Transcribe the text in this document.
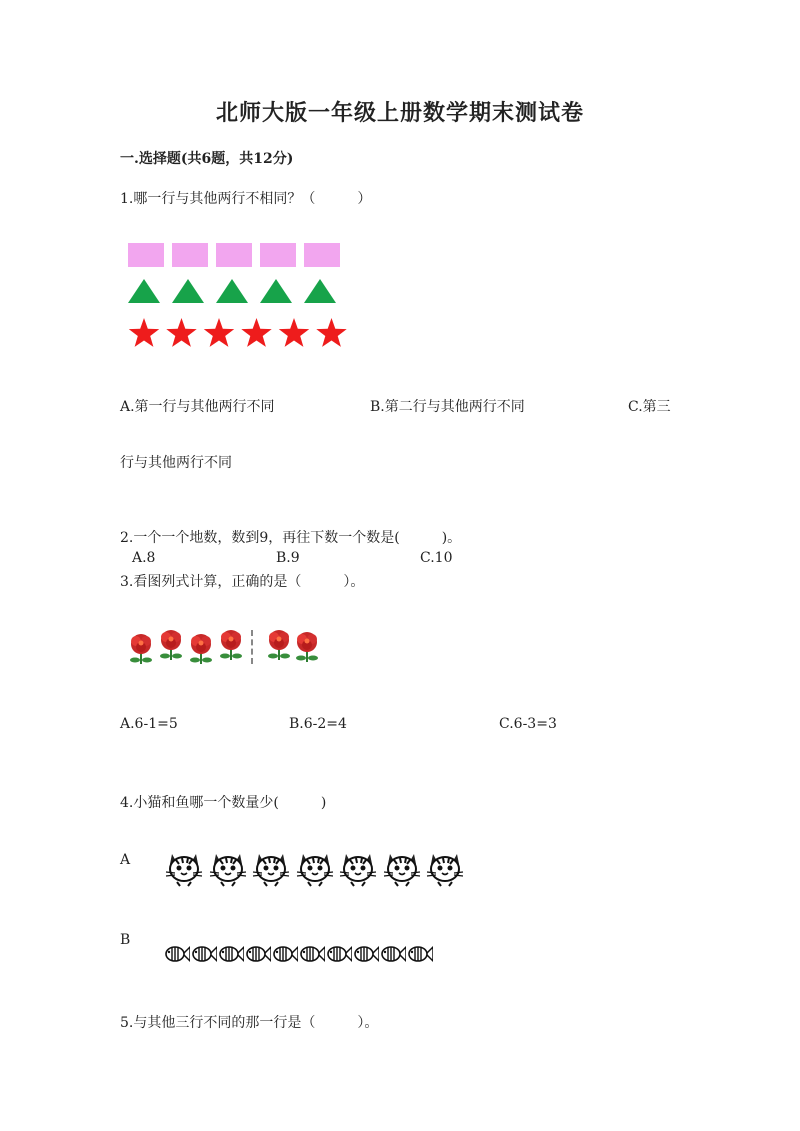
北师大版一年级上册数学期末测试卷
一.选择题(共6题，共12分)
1.哪一行与其他两行不相同？（　　　）
A.第一行与其他两行不同	B.第二行与其他两行不同	C.第三
行与其他两行不同
2.一个一个地数，数到9，再往下数一个数是(　　　)。
A.8	B.9	C.10
3.看图列式计算，正确的是（　　　）。
A.6-1=5	B.6-2=4	C.6-3=3
4.小猫和鱼哪一个数量少(　　　)
A
B
5.与其他三行不同的那一行是（　　　）。
